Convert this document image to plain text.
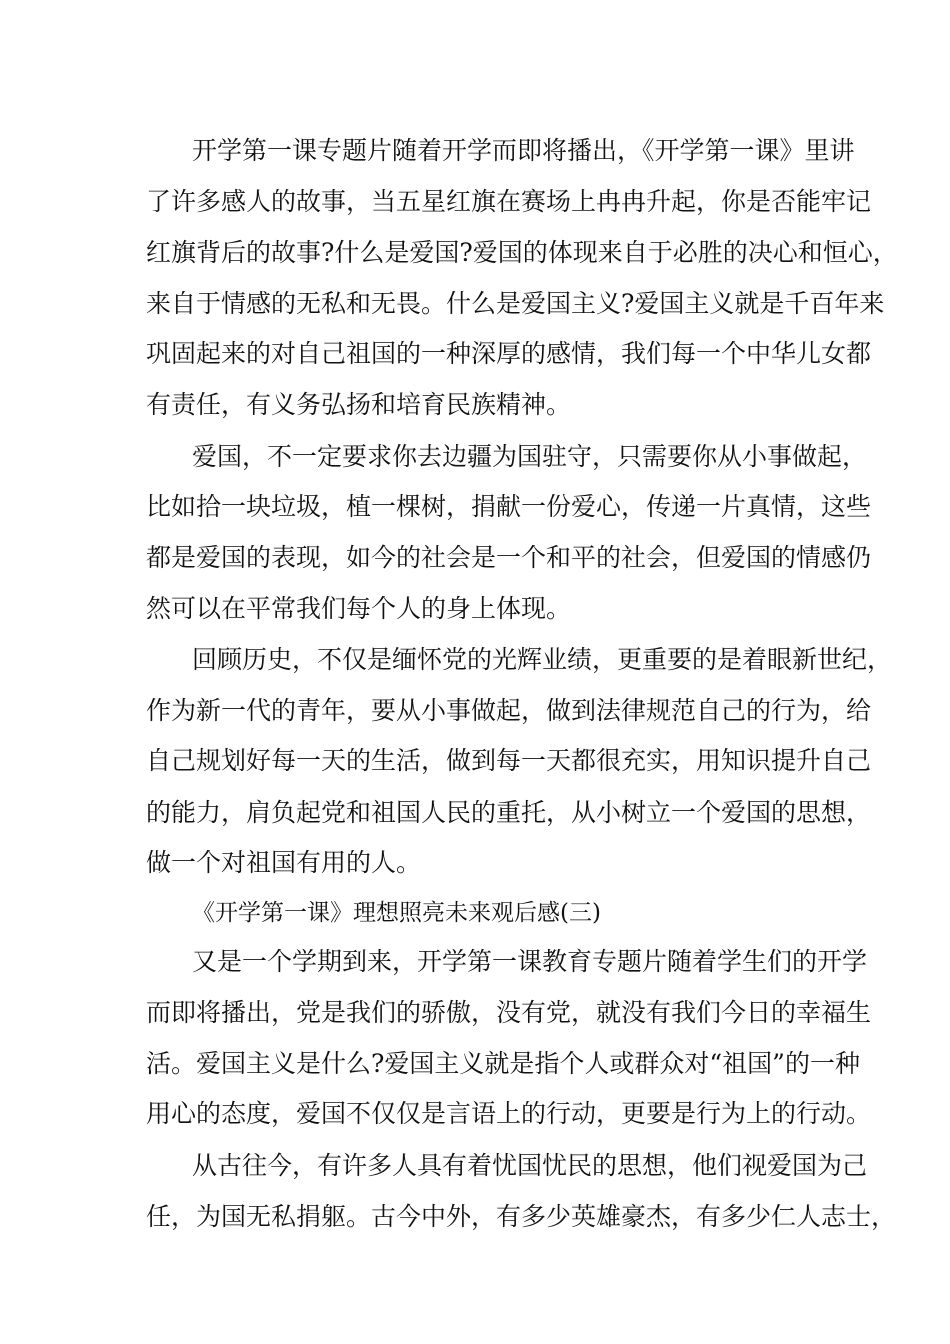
开学第一课专题片随着开学而即将播出，《开学第一课》里讲

了许多感人的故事，当五星红旗在赛场上冉冉升起，你是否能牢记

红旗背后的故事?什么是爱国?爱国的体现来自于必胜的决心和恒心，

来自于情感的无私和无畏。什么是爱国主义?爱国主义就是千百年来

巩固起来的对自己祖国的一种深厚的感情，我们每一个中华儿女都

有责任，有义务弘扬和培育民族精神。

爱国，不一定要求你去边疆为国驻守，只需要你从小事做起，

比如拾一块垃圾，植一棵树，捐献一份爱心，传递一片真情，这些

都是爱国的表现，如今的社会是一个和平的社会，但爱国的情感仍

然可以在平常我们每个人的身上体现。

回顾历史，不仅是缅怀党的光辉业绩，更重要的是着眼新世纪，

作为新一代的青年，要从小事做起，做到法律规范自己的行为，给

自己规划好每一天的生活，做到每一天都很充实，用知识提升自己

的能力，肩负起党和祖国人民的重托，从小树立一个爱国的思想，

做一个对祖国有用的人。

《开学第一课》理想照亮未来观后感(三)

又是一个学期到来，开学第一课教育专题片随着学生们的开学

而即将播出，党是我们的骄傲，没有党，就没有我们今日的幸福生

活。爱国主义是什么?爱国主义就是指个人或群众对“祖国”的一种

用心的态度，爱国不仅仅是言语上的行动，更要是行为上的行动。

从古往今，有许多人具有着忧国忧民的思想，他们视爱国为己

任，为国无私捐躯。古今中外，有多少英雄豪杰，有多少仁人志士，
